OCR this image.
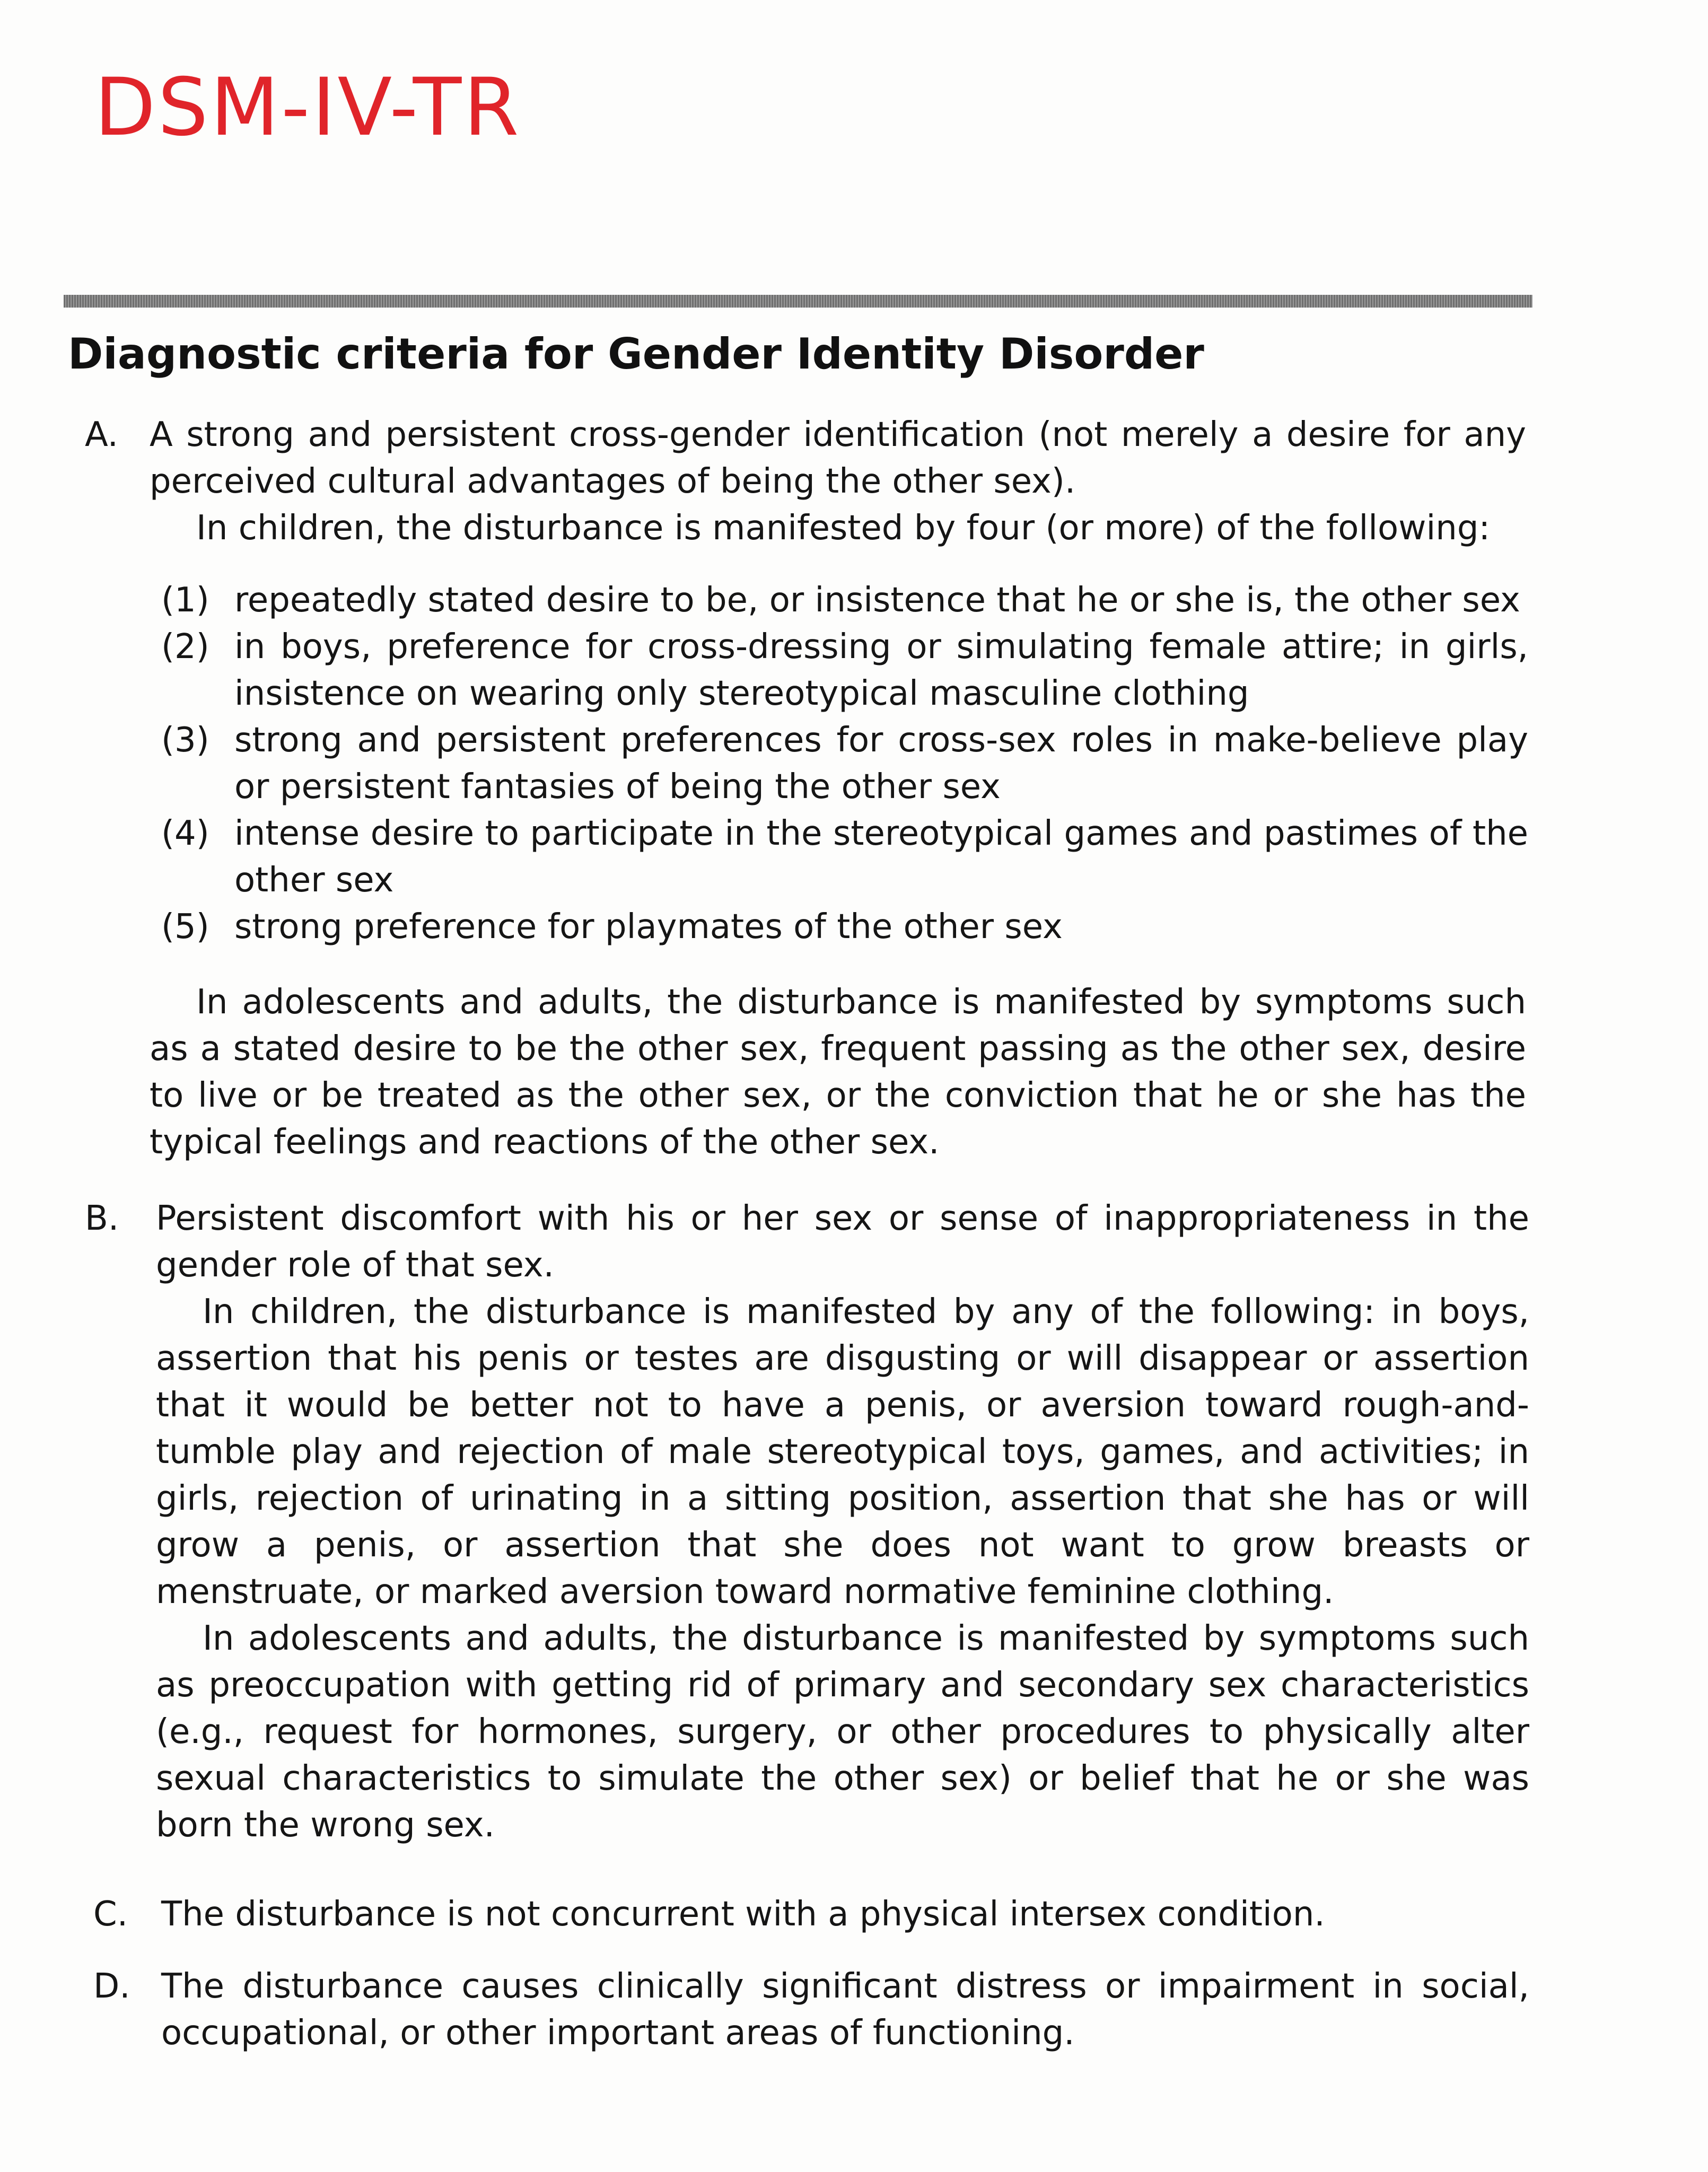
DSM-IV-TR
Diagnostic criteria for Gender Identity Disorder
A. A strong and persistent cross-gender identification (not merely a desire for any perceived cultural advantages of being the other sex).
In children, the disturbance is manifested by four (or more) of the following:
(1) repeatedly stated desire to be, or insistence that he or she is, the other sex
(2) in boys, preference for cross-dressing or simulating female attire; in girls, insistence on wearing only stereotypical masculine clothing
(3) strong and persistent preferences for cross-sex roles in make-believe play or persistent fantasies of being the other sex
(4) intense desire to participate in the stereotypical games and pastimes of the other sex
(5) strong preference for playmates of the other sex
In adolescents and adults, the disturbance is manifested by symptoms such as a stated desire to be the other sex, frequent passing as the other sex, desire to live or be treated as the other sex, or the conviction that he or she has the typical feelings and reactions of the other sex.
B.	Persistent discomfort with his or her sex or sense of inappropriateness in the gender role of that sex.
In children, the disturbance is manifested by any of the following: in boys, assertion that his penis or testes are disgusting or will disappear or assertion that it would be better not to have a penis, or aversion toward rough-and-tumble play and rejection of male stereotypical toys, games, and activities; in girls, rejection of urinating in a sitting position, assertion that she has or will grow a penis, or assertion that she does not want to grow breasts or menstruate, or marked aversion toward normative feminine clothing.
In adolescents and adults, the disturbance is manifested by symptoms such as preoccupation with getting rid of primary and secondary sex characteristics (e.g., request for hormones, surgery, or other procedures to physically alter sexual characteristics to simulate the other sex) or belief that he or she was born the wrong sex.
C. The disturbance is not concurrent with a physical intersex condition.
D. The disturbance causes clinically significant distress or impairment in social, occupational, or other important areas of functioning.
